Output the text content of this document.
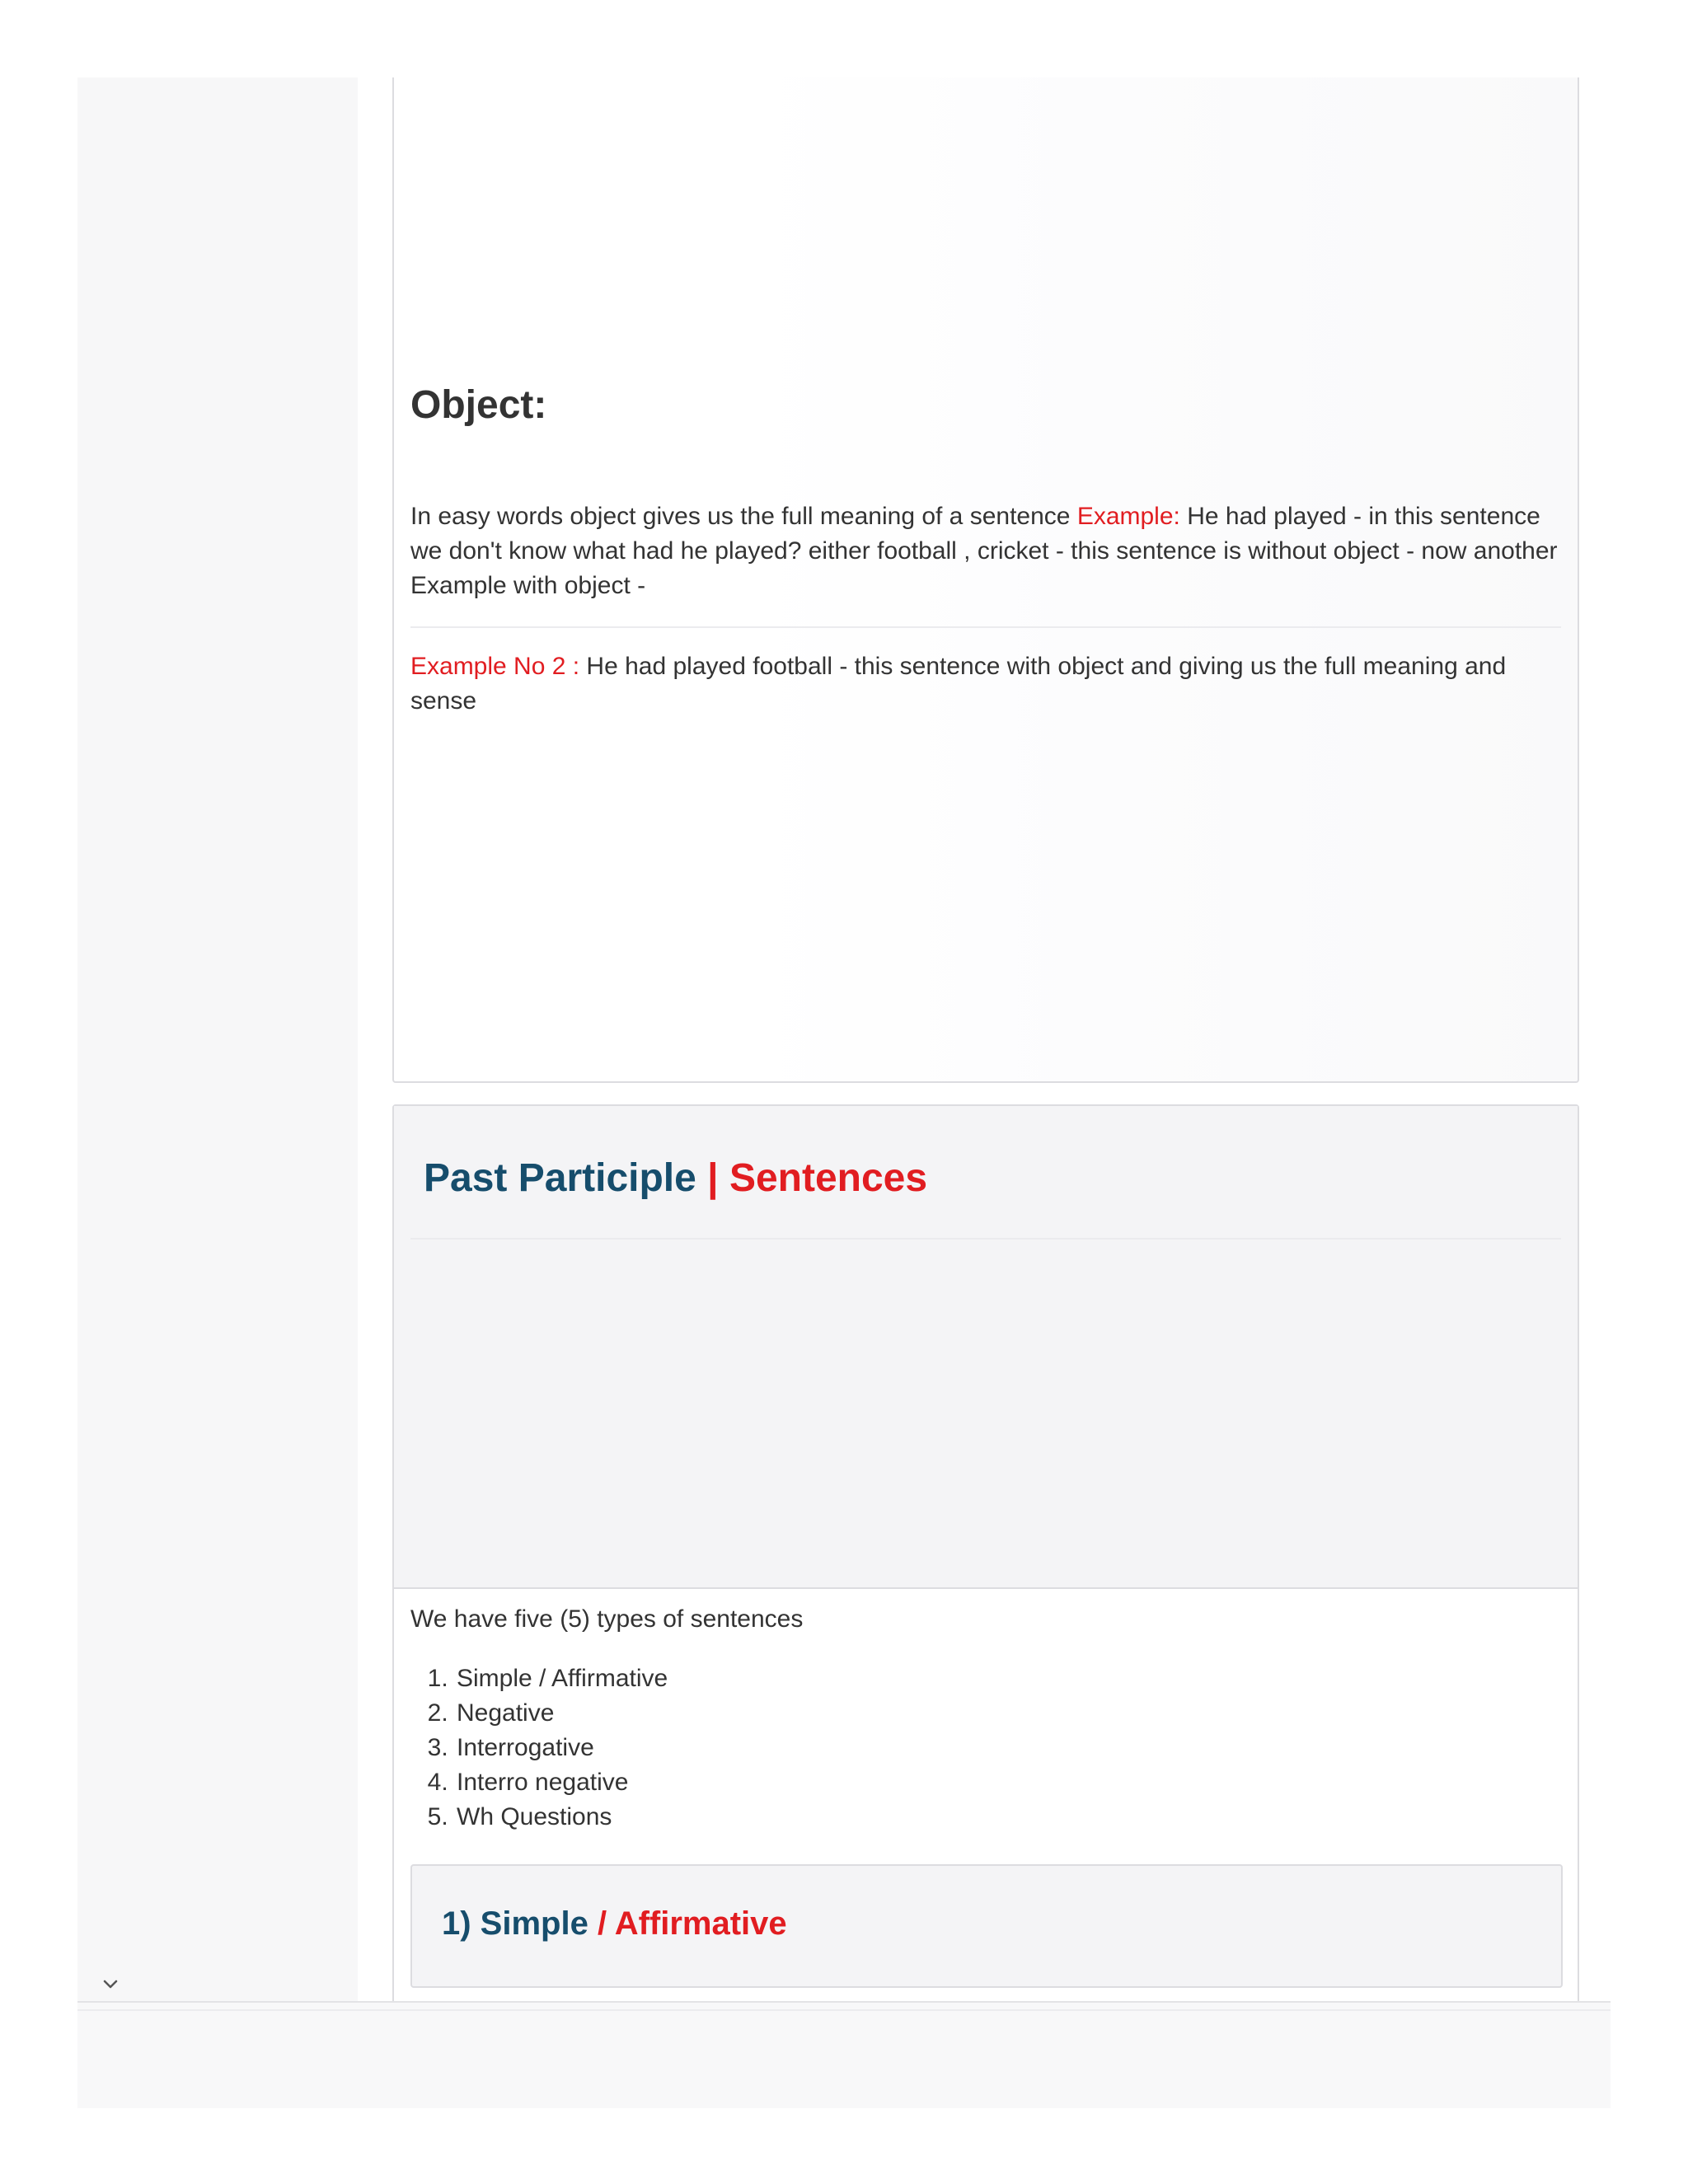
Object:

In easy words object gives us the full meaning of a sentence Example: He had played - in this sentence we don't know what had he played? either football , cricket - this sentence is without object - now another Example with object -

Example No 2 : He had played football - this sentence with object and giving us the full meaning and sense

Past Participle | Sentences

We have five (5) types of sentences

1. Simple / Affirmative
2. Negative
3. Interrogative
4. Interro negative
5. Wh Questions
1) Simple / Affirmative
